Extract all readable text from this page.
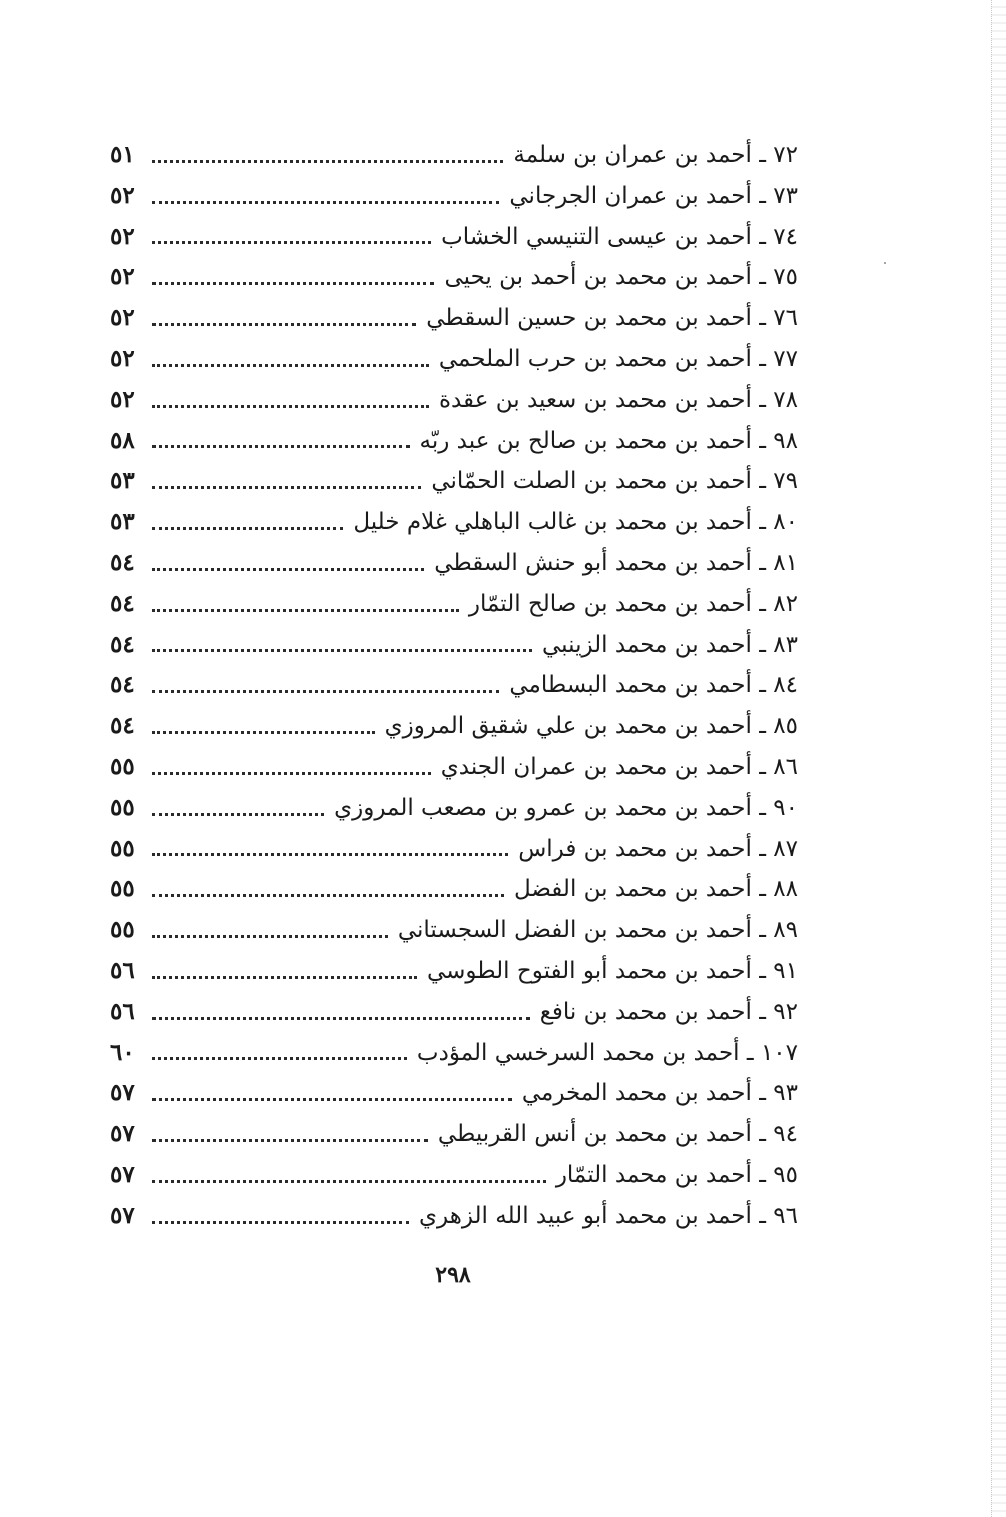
٧٢ ـ أحمد بن عمران بن سلمة
٥١
٧٣ ـ أحمد بن عمران الجرجاني
٥٢
٧٤ ـ أحمد بن عيسى التنيسي الخشاب
٥٢
٧٥ ـ أحمد بن محمد بن أحمد بن يحيى
٥٢
٧٦ ـ أحمد بن محمد بن حسين السقطي
٥٢
٧٧ ـ أحمد بن محمد بن حرب الملحمي
٥٢
٧٨ ـ أحمد بن محمد بن سعيد بن عقدة
٥٢
٩٨ ـ أحمد بن محمد بن صالح بن عبد ربّه
٥٨
٧٩ ـ أحمد بن محمد بن الصلت الحمّاني
٥٣
٨٠ ـ أحمد بن محمد بن غالب الباهلي غلام خليل
٥٣
٨١ ـ أحمد بن محمد أبو حنش السقطي
٥٤
٨٢ ـ أحمد بن محمد بن صالح التمّار
٥٤
٨٣ ـ أحمد بن محمد الزينبي
٥٤
٨٤ ـ أحمد بن محمد البسطامي
٥٤
٨٥ ـ أحمد بن محمد بن علي شقيق المروزي
٥٤
٨٦ ـ أحمد بن محمد بن عمران الجندي
٥٥
٩٠ ـ أحمد بن محمد بن عمرو بن مصعب المروزي
٥٥
٨٧ ـ أحمد بن محمد بن فراس
٥٥
٨٨ ـ أحمد بن محمد بن الفضل
٥٥
٨٩ ـ أحمد بن محمد بن الفضل السجستاني
٥٥
٩١ ـ أحمد بن محمد أبو الفتوح الطوسي
٥٦
٩٢ ـ أحمد بن محمد بن نافع
٥٦
١٠٧ ـ أحمد بن محمد السرخسي المؤدب
٦٠
٩٣ ـ أحمد بن محمد المخرمي
٥٧
٩٤ ـ أحمد بن محمد بن أنس القربيطي
٥٧
٩٥ ـ أحمد بن محمد التمّار
٥٧
٩٦ ـ أحمد بن محمد أبو عبيد الله الزهري
٥٧
٢٩٨
